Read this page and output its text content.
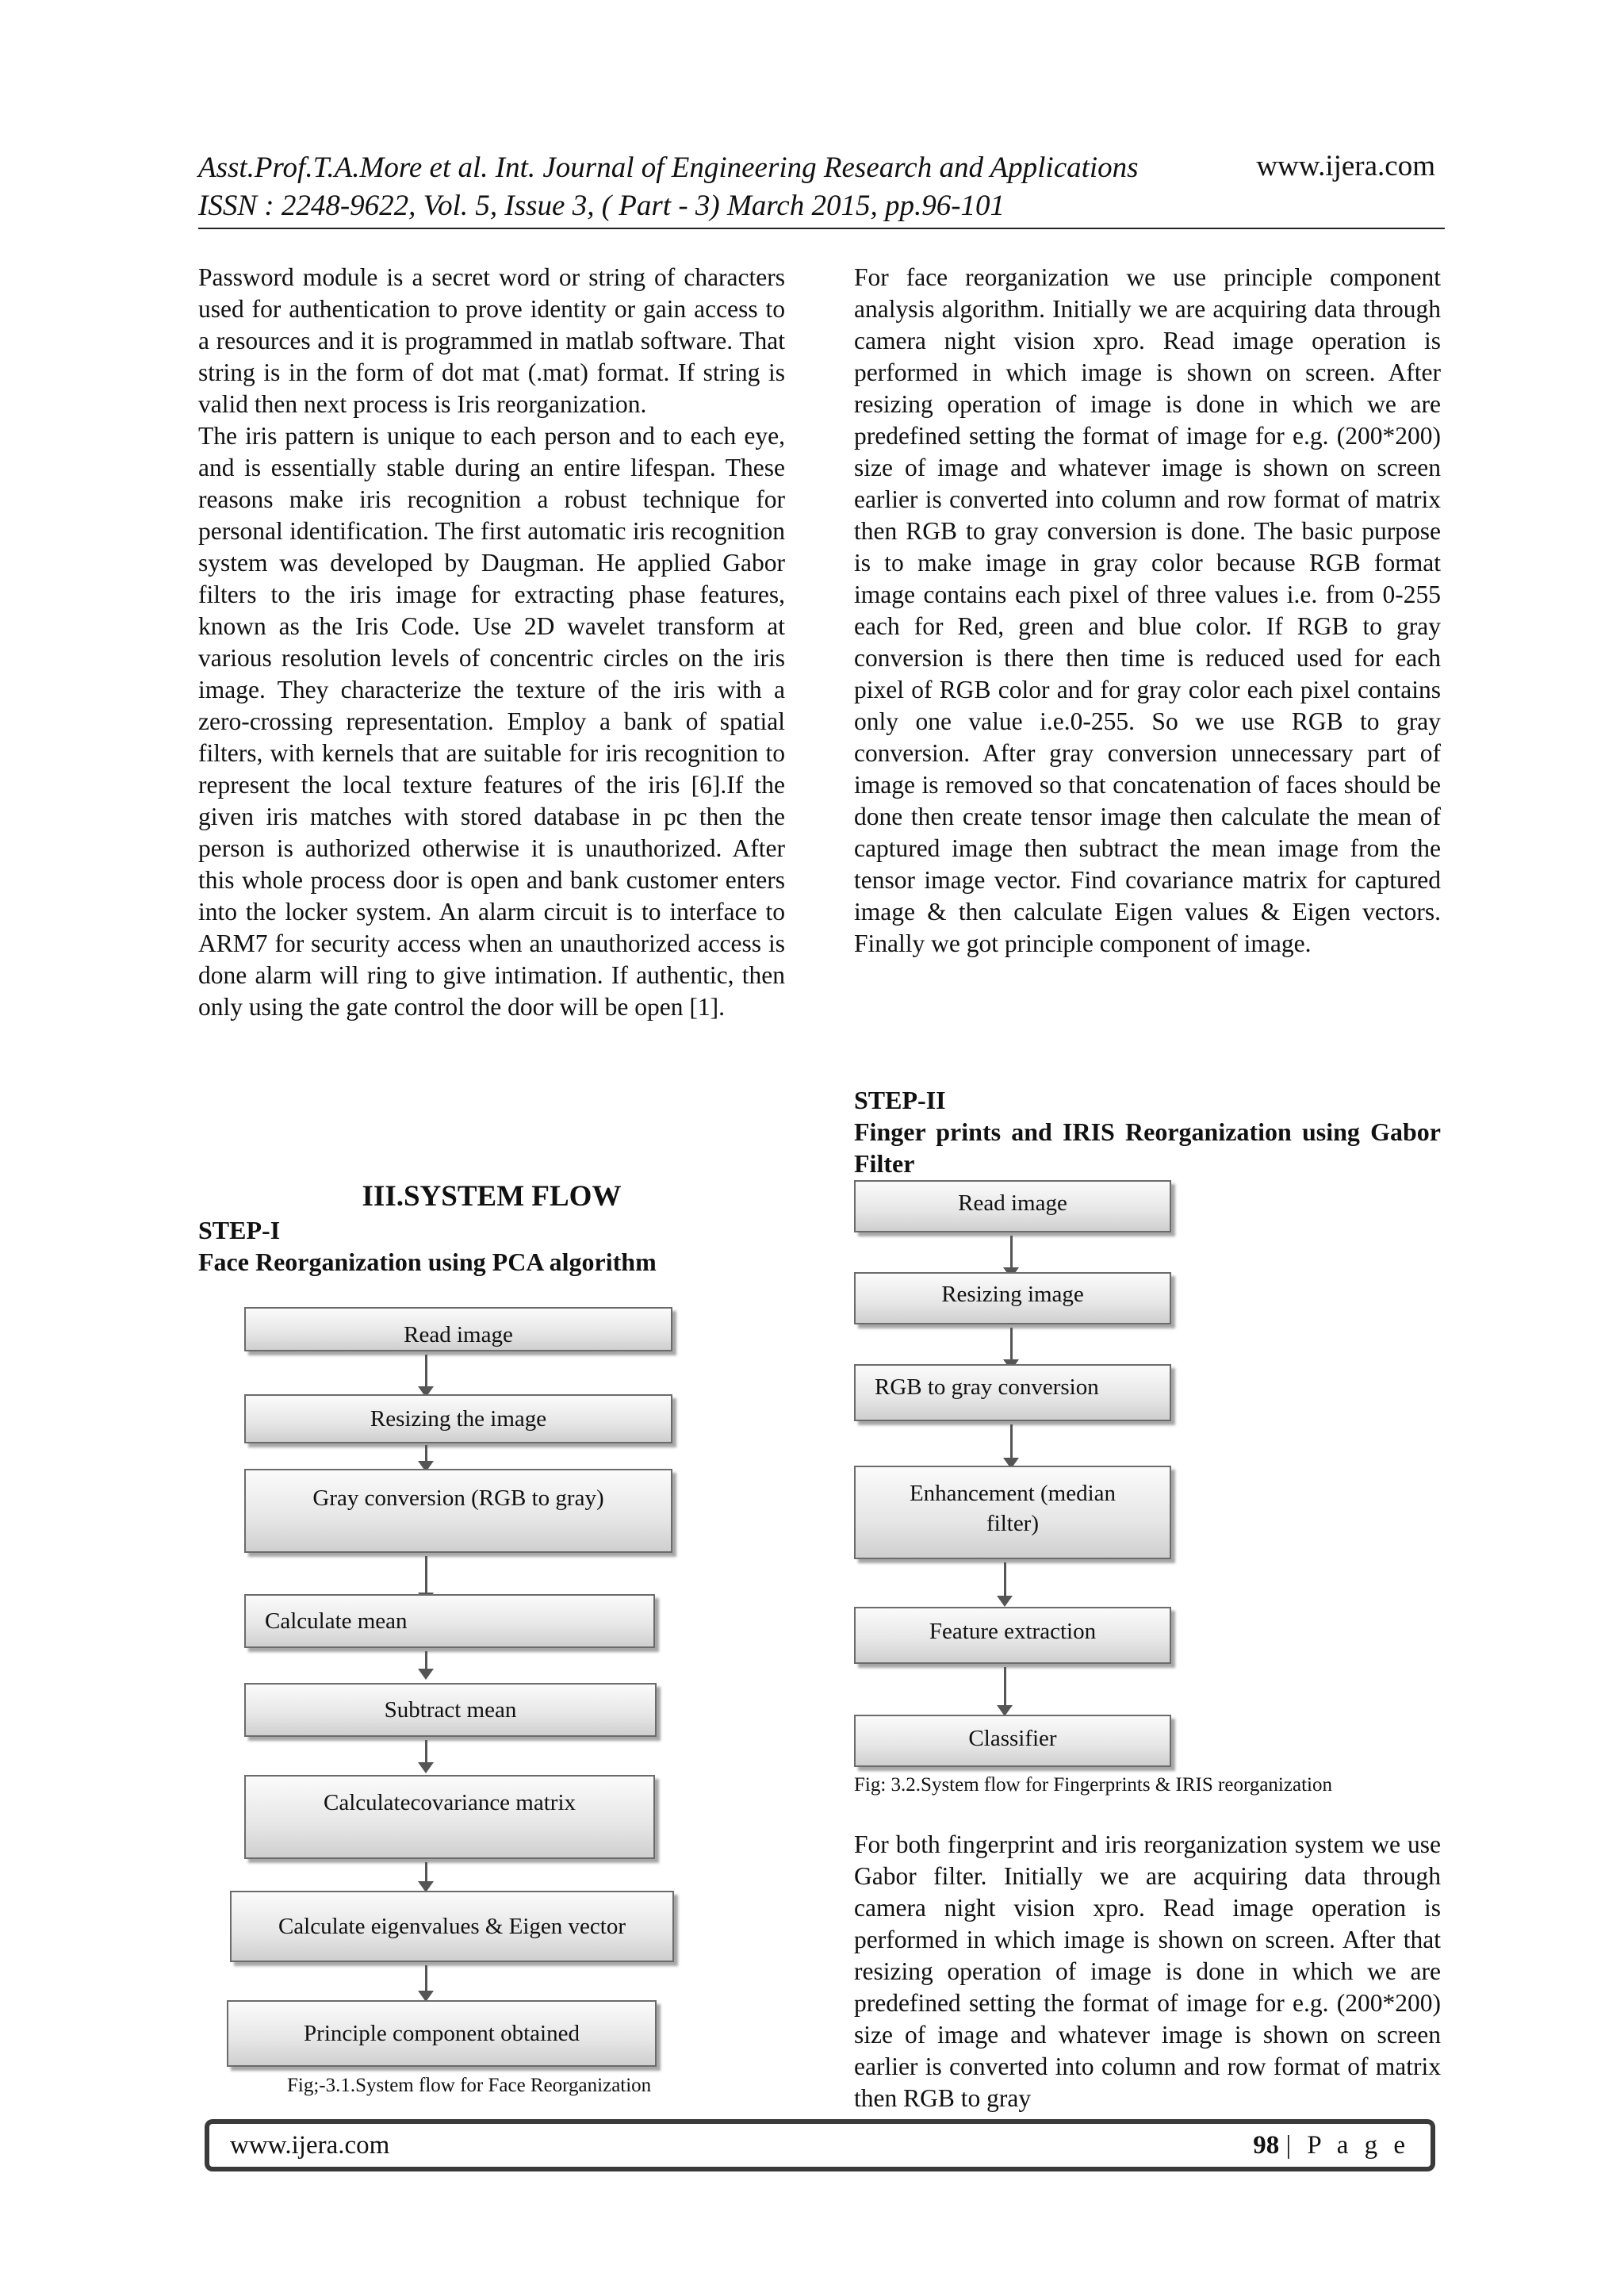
Asst.Prof.T.A.More et al. Int. Journal of Engineering Research and Applications	www.ijera.com
ISSN : 2248-9622, Vol. 5, Issue 3, ( Part - 3) March 2015, pp.96-101

Password module is a secret word or string of characters used for authentication to prove identity or gain access to a resources and it is programmed in matlab software. That string is in the form of dot mat (.mat) format. If string is valid then next process is Iris reorganization.

The iris pattern is unique to each person and to each eye, and is essentially stable during an entire lifespan. These reasons make iris recognition a robust technique for personal identification. The first automatic iris recognition system was developed by Daugman. He applied Gabor filters to the iris image for extracting phase features, known as the Iris Code. Use 2D wavelet transform at various resolution levels of concentric circles on the iris image. They characterize the texture of the iris with a zero-crossing representation. Employ a bank of spatial filters, with kernels that are suitable for iris recognition to represent the local texture features of the iris [6].If the given iris matches with stored database in pc then the person is authorized otherwise it is unauthorized. After this whole process door is open and bank customer enters into the locker system. An alarm circuit is to interface to ARM7 for security access when an unauthorized access is done alarm will ring to give intimation. If authentic, then only using the gate control the door will be open [1].

III.SYSTEM FLOW
STEP-I
Face Reorganization using PCA algorithm
Read image
Resizing the image
Gray conversion (RGB to gray)
Calculate mean
Subtract mean
Calculatecovariance matrix
Calculate eigenvalues & Eigen vector
Principle component obtained
Fig;-3.1.System flow for Face Reorganization

For face reorganization we use principle component analysis algorithm. Initially we are acquiring data through camera night vision xpro. Read image operation is performed in which image is shown on screen. After resizing operation of image is done in which we are predefined setting the format of image for e.g. (200*200) size of image and whatever image is shown on screen earlier is converted into column and row format of matrix then RGB to gray conversion is done. The basic purpose is to make image in gray color because RGB format image contains each pixel of three values i.e. from 0-255 each for Red, green and blue color. If RGB to gray conversion is there then time is reduced used for each pixel of RGB color and for gray color each pixel contains only one value i.e.0-255. So we use RGB to gray conversion. After gray conversion unnecessary part of image is removed so that concatenation of faces should be done then create tensor image then calculate the mean of captured image then subtract the mean image from the tensor image vector. Find covariance matrix for captured image & then calculate Eigen values & Eigen vectors. Finally we got principle component of image.

STEP-II
Finger prints and IRIS Reorganization using Gabor Filter
Read image
Resizing image
RGB to gray conversion
Enhancement (median filter)
Feature extraction
Classifier
Fig: 3.2.System flow for Fingerprints & IRIS reorganization

For both fingerprint and iris reorganization system we use Gabor filter. Initially we are acquiring data through camera night vision xpro. Read image operation is performed in which image is shown on screen. After that resizing operation of image is done in which we are predefined setting the format of image for e.g. (200*200) size of image and whatever image is shown on screen earlier is converted into column and row format of matrix then RGB to gray

www.ijera.com	98 | P a g e
